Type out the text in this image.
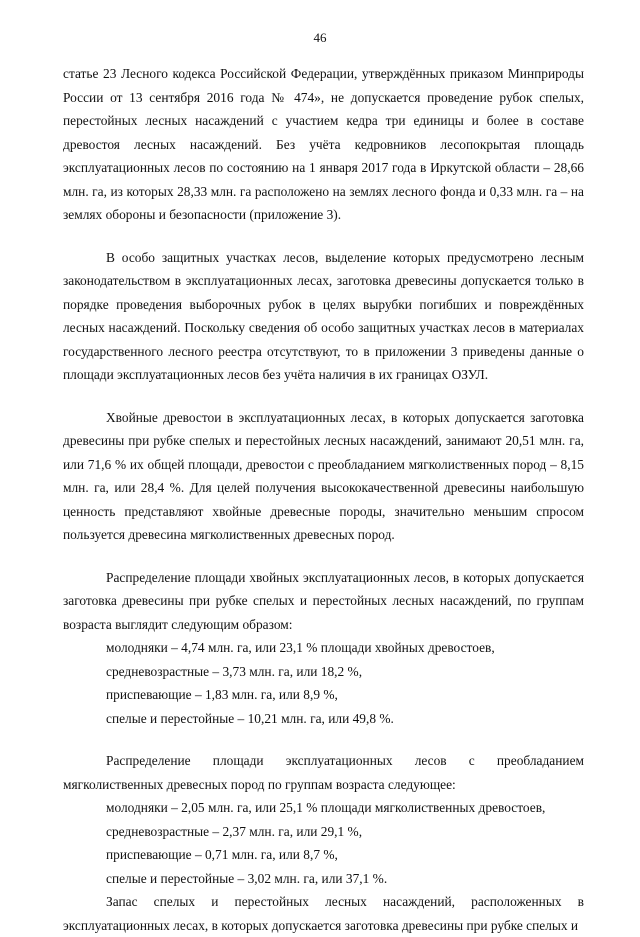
46

статье 23 Лесного кодекса Российской Федерации, утверждённых приказом Минприроды России от 13 сентября 2016 года № 474», не допускается проведение рубок спелых, перестойных лесных насаждений с участием кедра три единицы и более в составе древостоя лесных насаждений. Без учёта кедровников лесопокрытая площадь эксплуатационных лесов по состоянию на 1 января 2017 года в Иркутской области – 28,66 млн. га, из которых 28,33 млн. га расположено на землях лесного фонда и 0,33 млн. га – на землях обороны и безопасности (приложение 3).

В особо защитных участках лесов, выделение которых предусмотрено лесным законодательством в эксплуатационных лесах, заготовка древесины допускается только в порядке проведения выборочных рубок в целях вырубки погибших и повреждённых лесных насаждений. Поскольку сведения об особо защитных участках лесов в материалах государственного лесного реестра отсутствуют, то в приложении 3 приведены данные о площади эксплуатационных лесов без учёта наличия в их границах ОЗУЛ.

Хвойные древостои в эксплуатационных лесах, в которых допускается заготовка древесины при рубке спелых и перестойных лесных насаждений, занимают 20,51 млн. га, или 71,6 % их общей площади, древостои с преобладанием мягколиственных пород – 8,15 млн. га, или 28,4 %. Для целей получения высококачественной древесины наибольшую ценность представляют хвойные древесные породы, значительно меньшим спросом пользуется древесина мягколиственных древесных пород.

Распределение площади хвойных эксплуатационных лесов, в которых допускается заготовка древесины при рубке спелых и перестойных лесных насаждений, по группам возраста выглядит следующим образом:

молодняки – 4,74 млн. га, или 23,1 % площади хвойных древостоев,
средневозрастные – 3,73 млн. га, или 18,2 %,
приспевающие – 1,83 млн. га, или 8,9 %,
спелые и перестойные – 10,21 млн. га, или 49,8 %.

Распределение площади эксплуатационных лесов с преобладанием мягколиственных древесных пород по группам возраста следующее:

молодняки – 2,05 млн. га, или 25,1 % площади мягколиственных древостоев,
средневозрастные – 2,37 млн. га, или 29,1 %,
приспевающие – 0,71 млн. га, или 8,7 %,
спелые и перестойные – 3,02 млн. га, или 37,1 %.

Запас спелых и перестойных лесных насаждений, расположенных в эксплуатационных лесах, в которых допускается заготовка древесины при рубке спелых и
